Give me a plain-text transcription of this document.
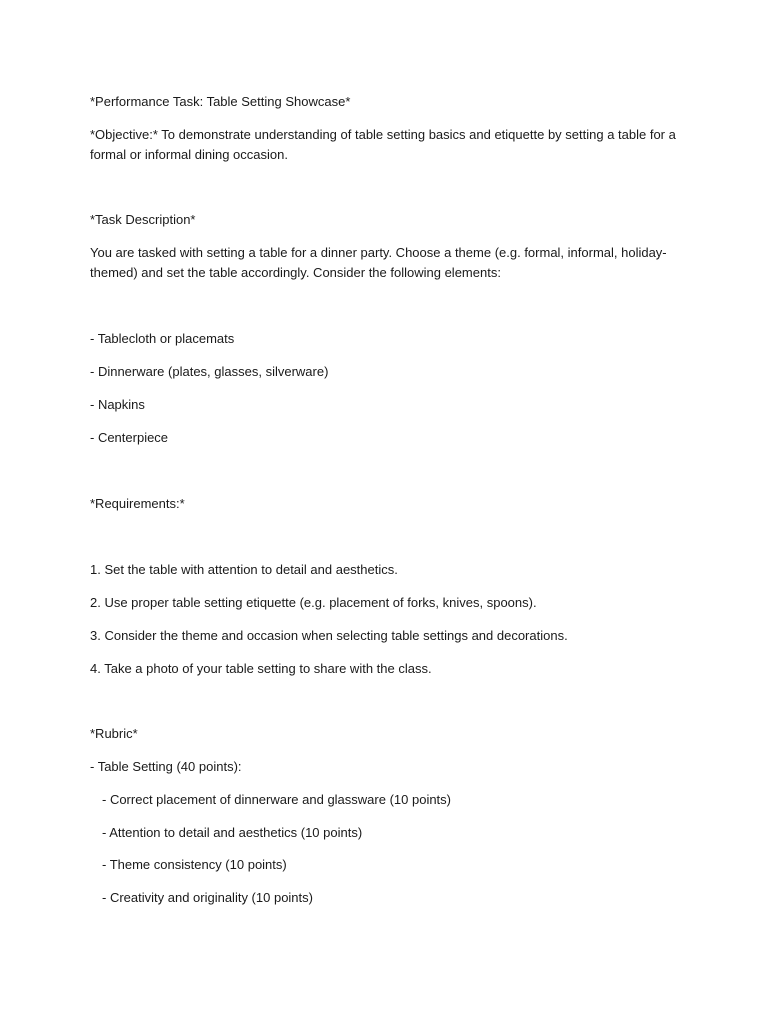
*Performance Task: Table Setting Showcase*
*Objective:* To demonstrate understanding of table setting basics and etiquette by setting a table for a
formal or informal dining occasion.
*Task Description*
You are tasked with setting a table for a dinner party. Choose a theme (e.g. formal, informal, holiday-
themed) and set the table accordingly. Consider the following elements:
- Tablecloth or placemats
- Dinnerware (plates, glasses, silverware)
- Napkins
- Centerpiece
*Requirements:*
1. Set the table with attention to detail and aesthetics.
2. Use proper table setting etiquette (e.g. placement of forks, knives, spoons).
3. Consider the theme and occasion when selecting table settings and decorations.
4. Take a photo of your table setting to share with the class.
*Rubric*
- Table Setting (40 points):
- Correct placement of dinnerware and glassware (10 points)
- Attention to detail and aesthetics (10 points)
- Theme consistency (10 points)
- Creativity and originality (10 points)
